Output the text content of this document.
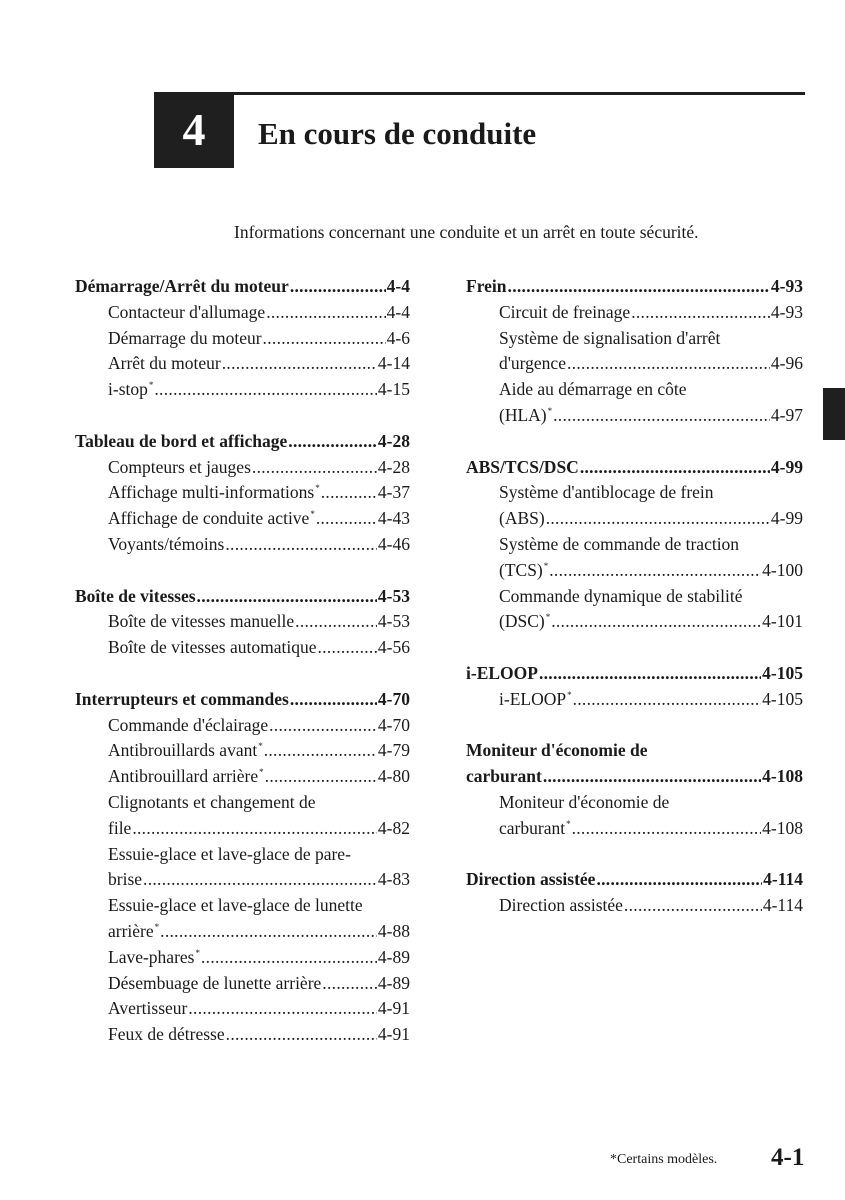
4	En cours de conduite
Informations concernant une conduite et un arrêt en toute sécurité.
Démarrage/Arrêt du moteur .....	4-4
Contacteur d'allumage .....	4-4
Démarrage du moteur .....	4-6
Arrêt du moteur .....	4-14
i-stop* .....	4-15
Tableau de bord et affichage .....	4-28
Compteurs et jauges .....	4-28
Affichage multi-informations* .....	4-37
Affichage de conduite active* .....	4-43
Voyants/témoins .....	4-46
Boîte de vitesses .....	4-53
Boîte de vitesses manuelle .....	4-53
Boîte de vitesses automatique .....	4-56
Interrupteurs et commandes .....	4-70
Commande d'éclairage .....	4-70
Antibrouillards avant* .....	4-79
Antibrouillard arrière* .....	4-80
Clignotants et changement de
file .....	4-82
Essuie-glace et lave-glace de pare-
brise .....	4-83
Essuie-glace et lave-glace de lunette
arrière* .....	4-88
Lave-phares* .....	4-89
Désembuage de lunette arrière .....	4-89
Avertisseur .....	4-91
Feux de détresse .....	4-91
Frein .....	4-93
Circuit de freinage .....	4-93
Système de signalisation d'arrêt
d'urgence .....	4-96
Aide au démarrage en côte
(HLA)* .....	4-97
ABS/TCS/DSC .....	4-99
Système d'antiblocage de frein
(ABS) .....	4-99
Système de commande de traction
(TCS)* .....	4-100
Commande dynamique de stabilité
(DSC)* .....	4-101
i-ELOOP .....	4-105
i-ELOOP* .....	4-105
Moniteur d'économie de
carburant .....	4-108
Moniteur d'économie de
carburant* .....	4-108
Direction assistée .....	4-114
Direction assistée .....	4-114
*Certains modèles. 4-1
